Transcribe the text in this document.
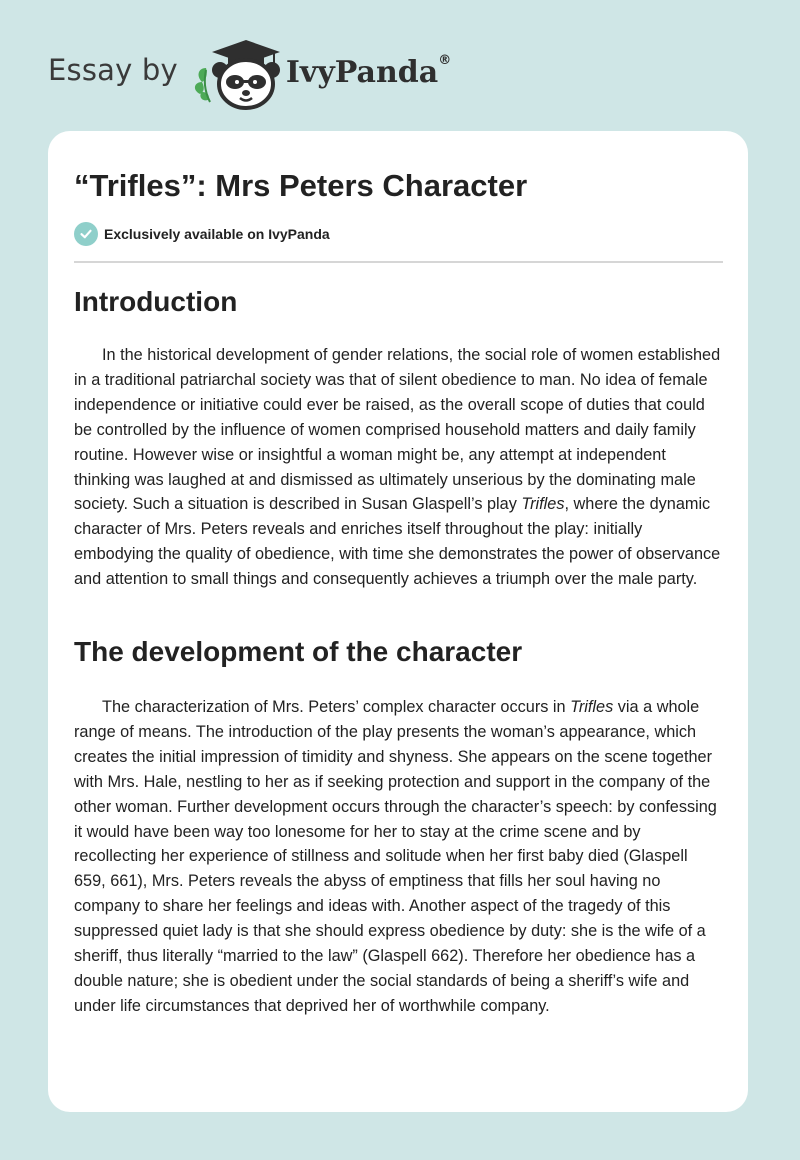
Essay by	IvyPanda®
“Trifles”: Mrs Peters Character
Exclusively available on IvyPanda
Introduction

In the historical development of gender relations, the social role of women established in a traditional patriarchal society was that of silent obedience to man. No idea of female independence or initiative could ever be raised, as the overall scope of duties that could be controlled by the influence of women comprised household matters and daily family routine. However wise or insightful a woman might be, any attempt at independent thinking was laughed at and dismissed as ultimately unserious by the dominating male society. Such a situation is described in Susan Glaspell’s play Trifles, where the dynamic character of Mrs. Peters reveals and enriches itself throughout the play: initially embodying the quality of obedience, with time she demonstrates the power of observance and attention to small things and consequently achieves a triumph over the male party.

The development of the character

The characterization of Mrs. Peters’ complex character occurs in Trifles via a whole range of means. The introduction of the play presents the woman’s appearance, which creates the initial impression of timidity and shyness. She appears on the scene together with Mrs. Hale, nestling to her as if seeking protection and support in the company of the other woman. Further development occurs through the character’s speech: by confessing it would have been way too lonesome for her to stay at the crime scene and by recollecting her experience of stillness and solitude when her first baby died (Glaspell 659, 661), Mrs. Peters reveals the abyss of emptiness that fills her soul having no company to share her feelings and ideas with. Another aspect of the tragedy of this suppressed quiet lady is that she should express obedience by duty: she is the wife of a sheriff, thus literally “married to the law” (Glaspell 662). Therefore her obedience has a double nature; she is obedient under the social standards of being a sheriff’s wife and under life circumstances that deprived her of worthwhile company.
